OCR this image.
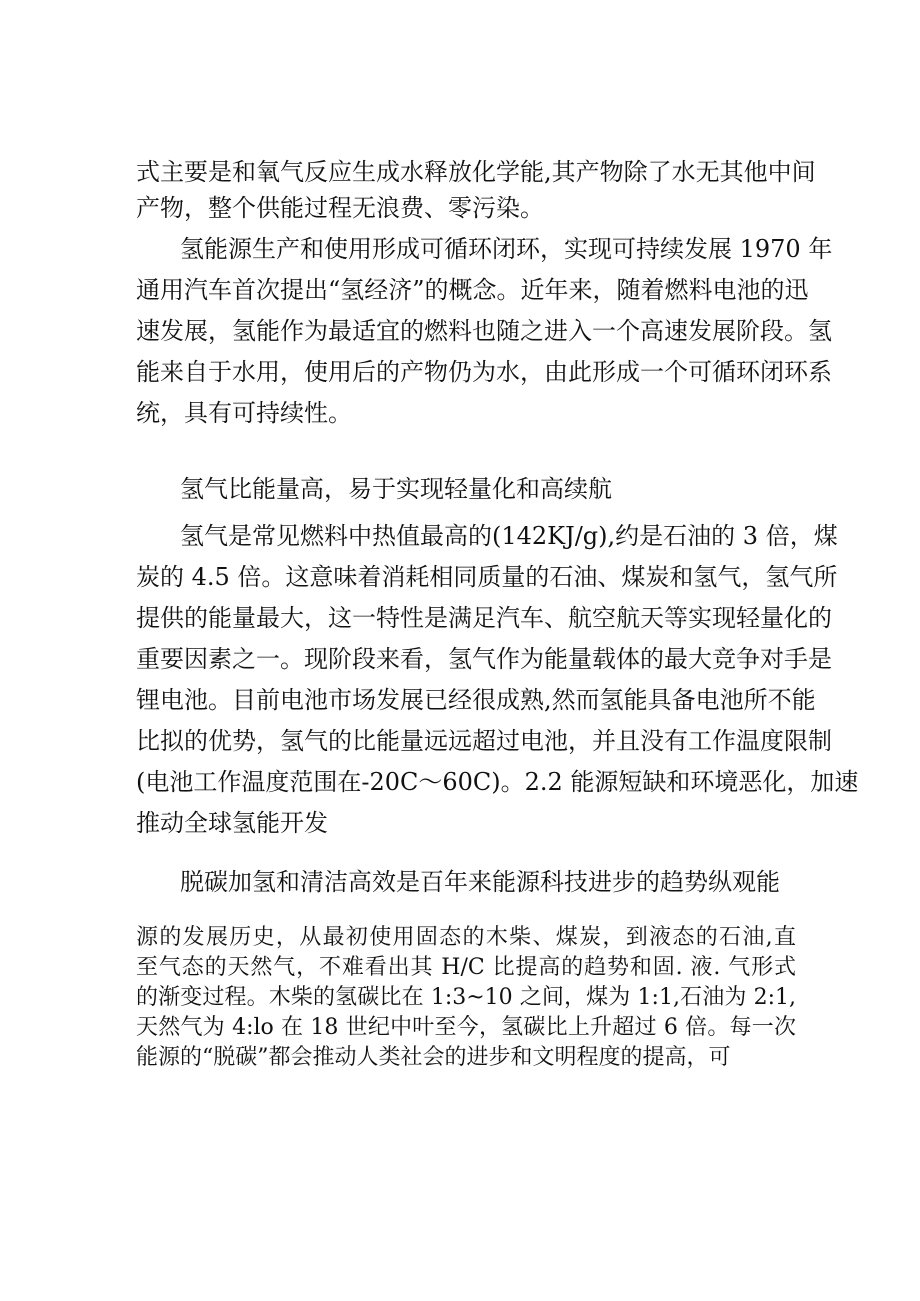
式主要是和氧气反应生成水释放化学能,其产物除了水无其他中间
产物，整个供能过程无浪费、零污染。
氢能源生产和使用形成可循环闭环，实现可持续发展 1970 年
通用汽车首次提出“氢经济”的概念。近年来，随着燃料电池的迅
速发展，氢能作为最适宜的燃料也随之进入一个高速发展阶段。氢
能来自于水用，使用后的产物仍为水，由此形成一个可循环闭环系
统，具有可持续性。
氢气比能量高，易于实现轻量化和高续航
氢气是常见燃料中热值最高的(142KJ/g),约是石油的 3 倍，煤
炭的 4.5 倍。这意味着消耗相同质量的石油、煤炭和氢气，氢气所
提供的能量最大，这一特性是满足汽车、航空航天等实现轻量化的
重要因素之一。现阶段来看，氢气作为能量载体的最大竞争对手是
锂电池。目前电池市场发展已经很成熟,然而氢能具备电池所不能
比拟的优势，氢气的比能量远远超过电池，并且没有工作温度限制
(电池工作温度范围在-20C～60C)。2.2 能源短缺和环境恶化，加速
推动全球氢能开发
脱碳加氢和清洁高效是百年来能源科技进步的趋势纵观能
源的发展历史，从最初使用固态的木柴、煤炭，到液态的石油,直
至气态的天然气，不难看出其 H/C 比提高的趋势和固. 液. 气形式
的渐变过程。木柴的氢碳比在 1:3~10 之间，煤为 1:1,石油为 2:1,
天然气为 4:lo 在 18 世纪中叶至今，氢碳比上升超过 6 倍。每一次
能源的“脱碳”都会推动人类社会的进步和文明程度的提高，可
